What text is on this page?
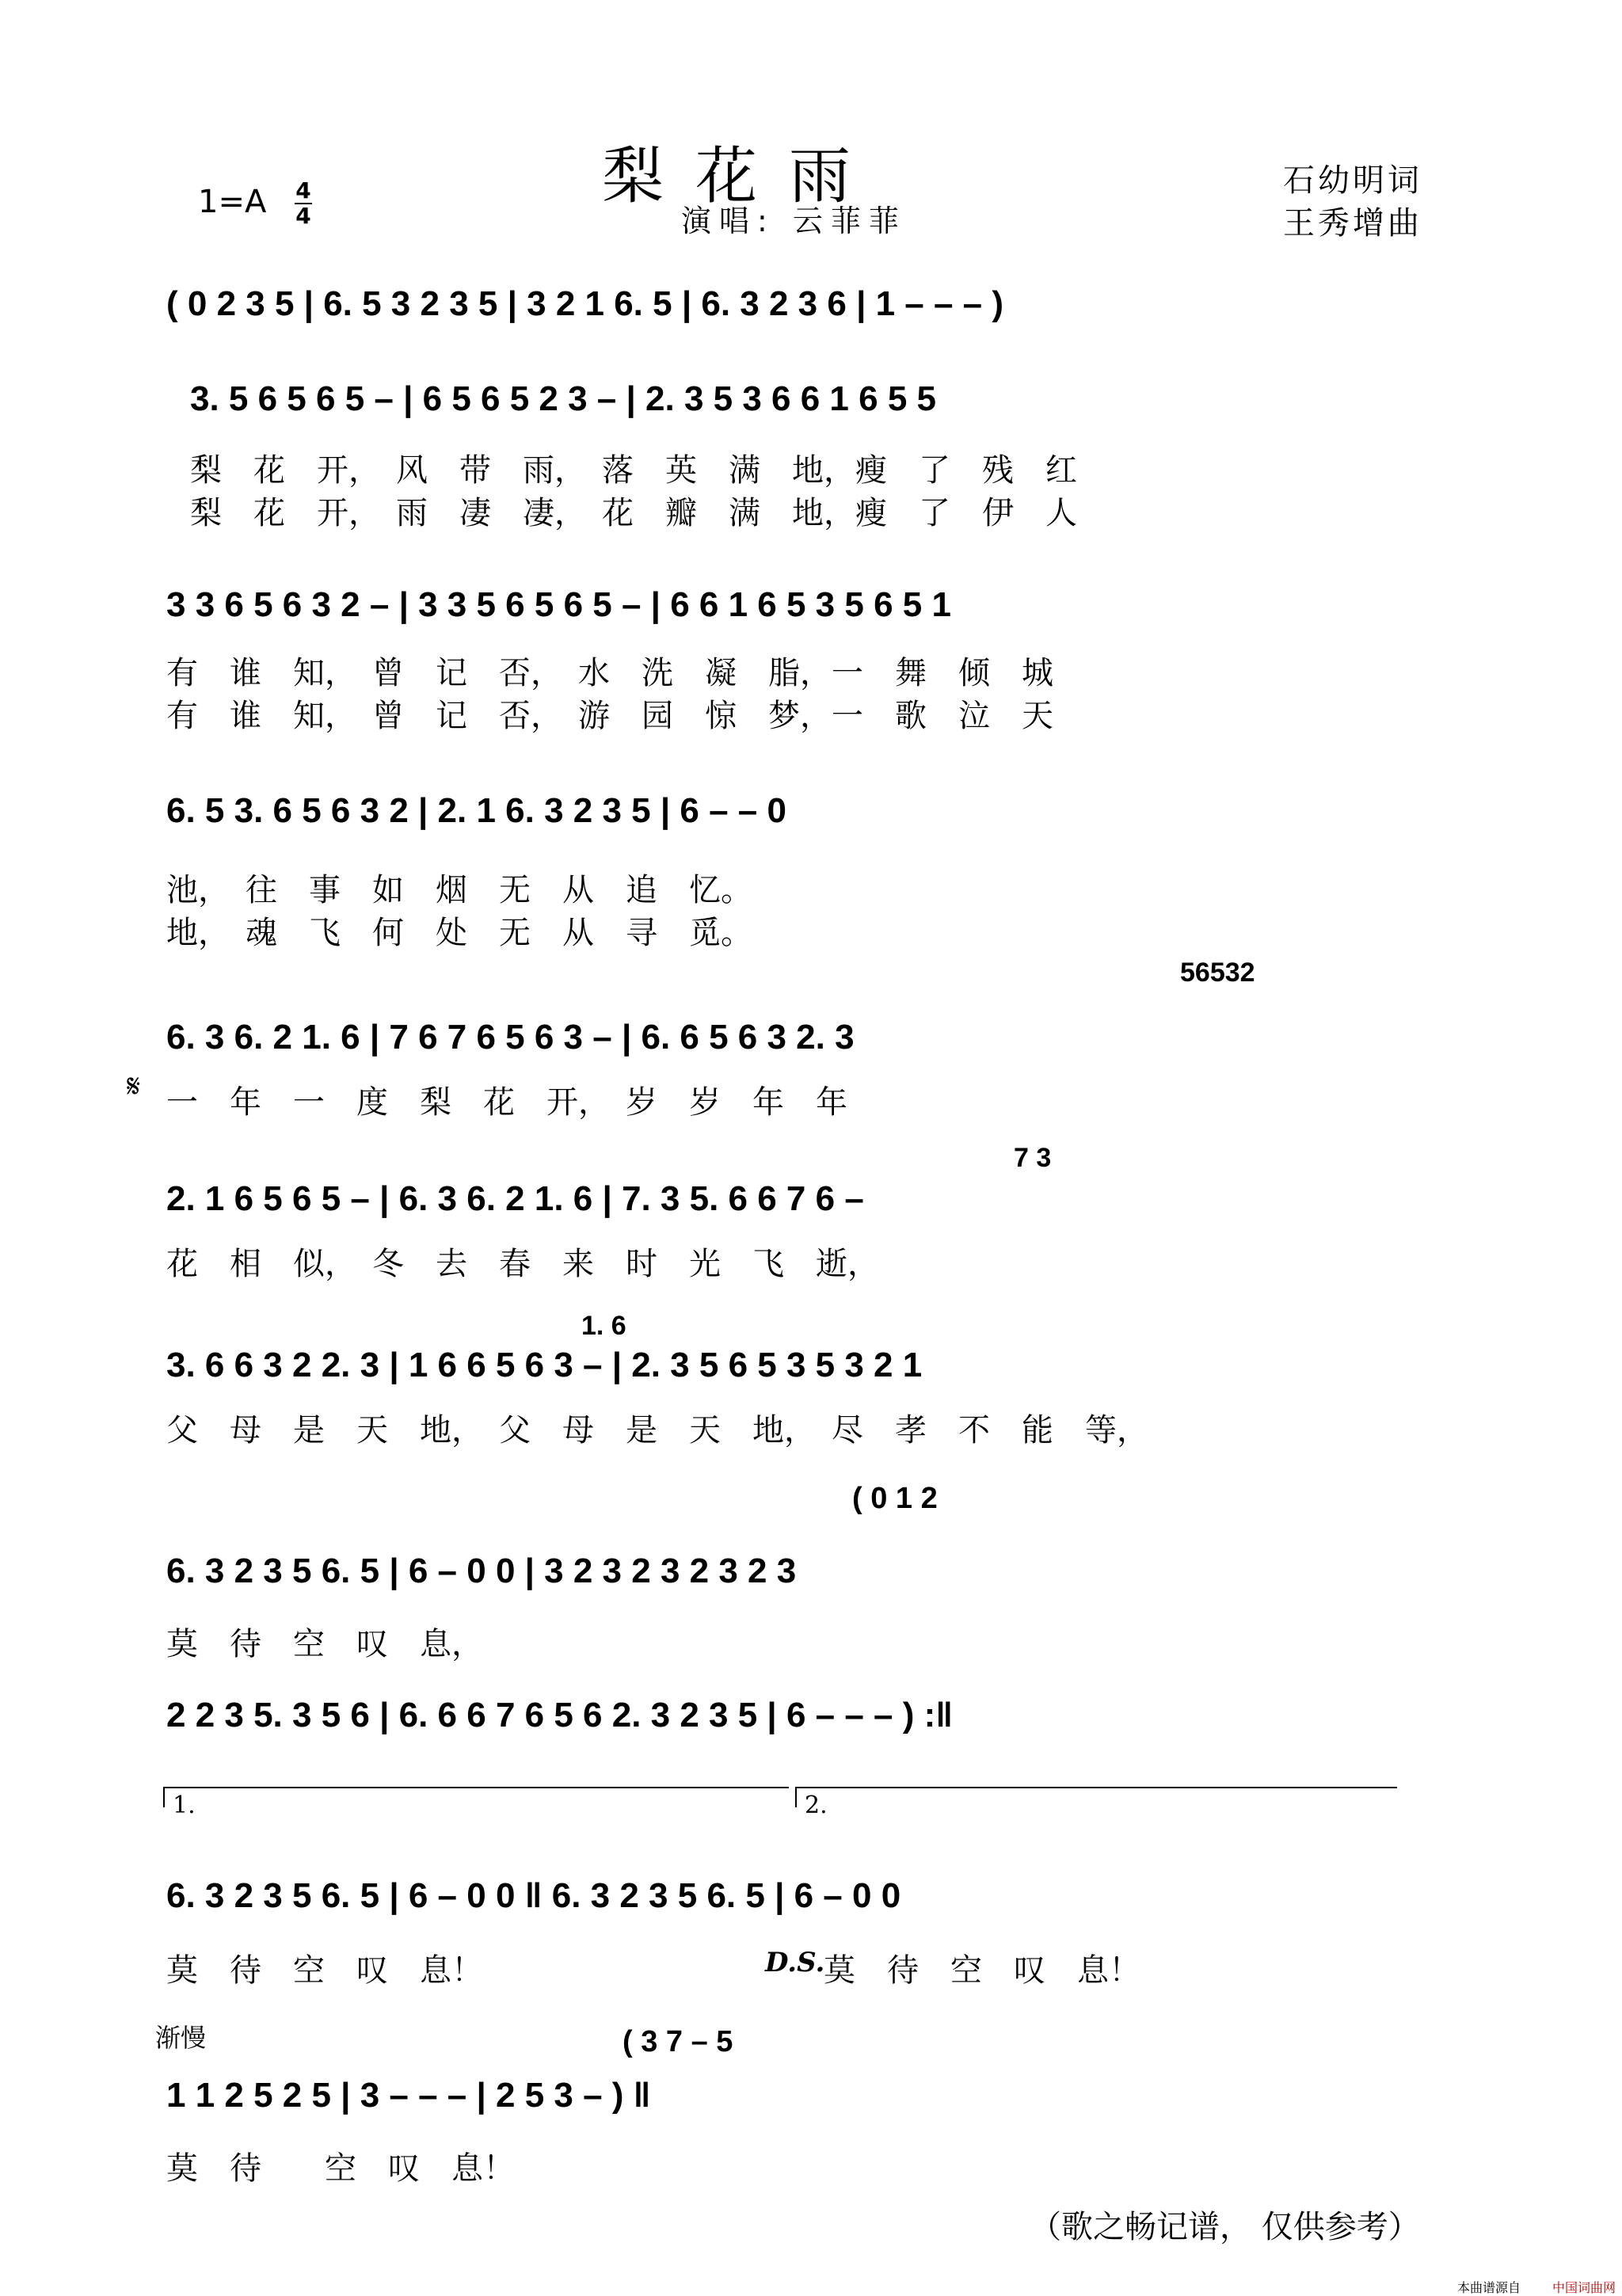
梨花雨
演唱: 云菲菲
石幼明词
王秀增曲
1=A 4
4
( 0 2 3 5 | 6. 5 3 2 3 5 | 3 2 1 6. 5 | 6. 3 2 3 6 | 1 – – – )
3. 5 6 5 6 5 – | 6 5 6 5 2 3 – | 2. 3 5 3 6 6 1 6 5 5
梨　花　开，　风　带　雨，　落　英　满　地，瘦　了　残　红
梨　花　开，　雨　凄　凄，　花　瓣　满　地，瘦　了　伊　人
3 3 6 5 6 3 2 – | 3 3 5 6 5 6 5 – | 6 6 1 6 5 3 5 6 5 1
有　谁　知，　曾　记　否，　水　洗　凝　脂，一　舞　倾　城
有　谁　知，　曾　记　否，　游　园　惊　梦，一　歌　泣　天
6. 5 3. 6 5 6 3 2 | 2. 1 6. 3 2 3 5 | 6 – – 0
池，　往　事　如　烟　无　从　追　忆。
地，　魂　飞　何　处　无　从　寻　觅。
56532
6. 3 6. 2 1. 6 | 7 6 7 6 5 6 3 – | 6. 6 5 6 3 2. 3
一　年　一　度　梨　花　开，　岁　岁　年　年
𝄋
7 3
2. 1 6 5 6 5 – | 6. 3 6. 2 1. 6 | 7. 3 5. 6 6 7 6 –
花　相　似，　冬　去　春　来　时　光　飞　逝，
1. 6
3. 6 6 3 2 2. 3 | 1 6 6 5 6 3 – | 2. 3 5 6 5 3 5 3 2 1
父　母　是　天　地，　父　母　是　天　地，　尽　孝　不　能　等，
( 0 1 2
6. 3 2 3 5 6. 5 | 6 – 0 0 | 3 2 3 2 3 2 3 2 3
莫　待　空　叹　息，
2 2 3 5. 3 5 6 | 6. 6 6 7 6 5 6 2. 3 2 3 5 | 6 – – – ) :‖
1.	2.
6. 3 2 3 5 6. 5 | 6 – 0 0 ‖ 6. 3 2 3 5 6. 5 | 6 – 0 0
莫　待　空　叹　息！	莫　待　空　叹　息！
D.S.
渐慢	( 3 7 – 5
1 1 2 5 2 5 | 3 – – – | 2 5 3 – ) ‖
莫　待　　空　叹　息！
（歌之畅记谱， 仅供参考）
本曲谱源自 中国词曲网
